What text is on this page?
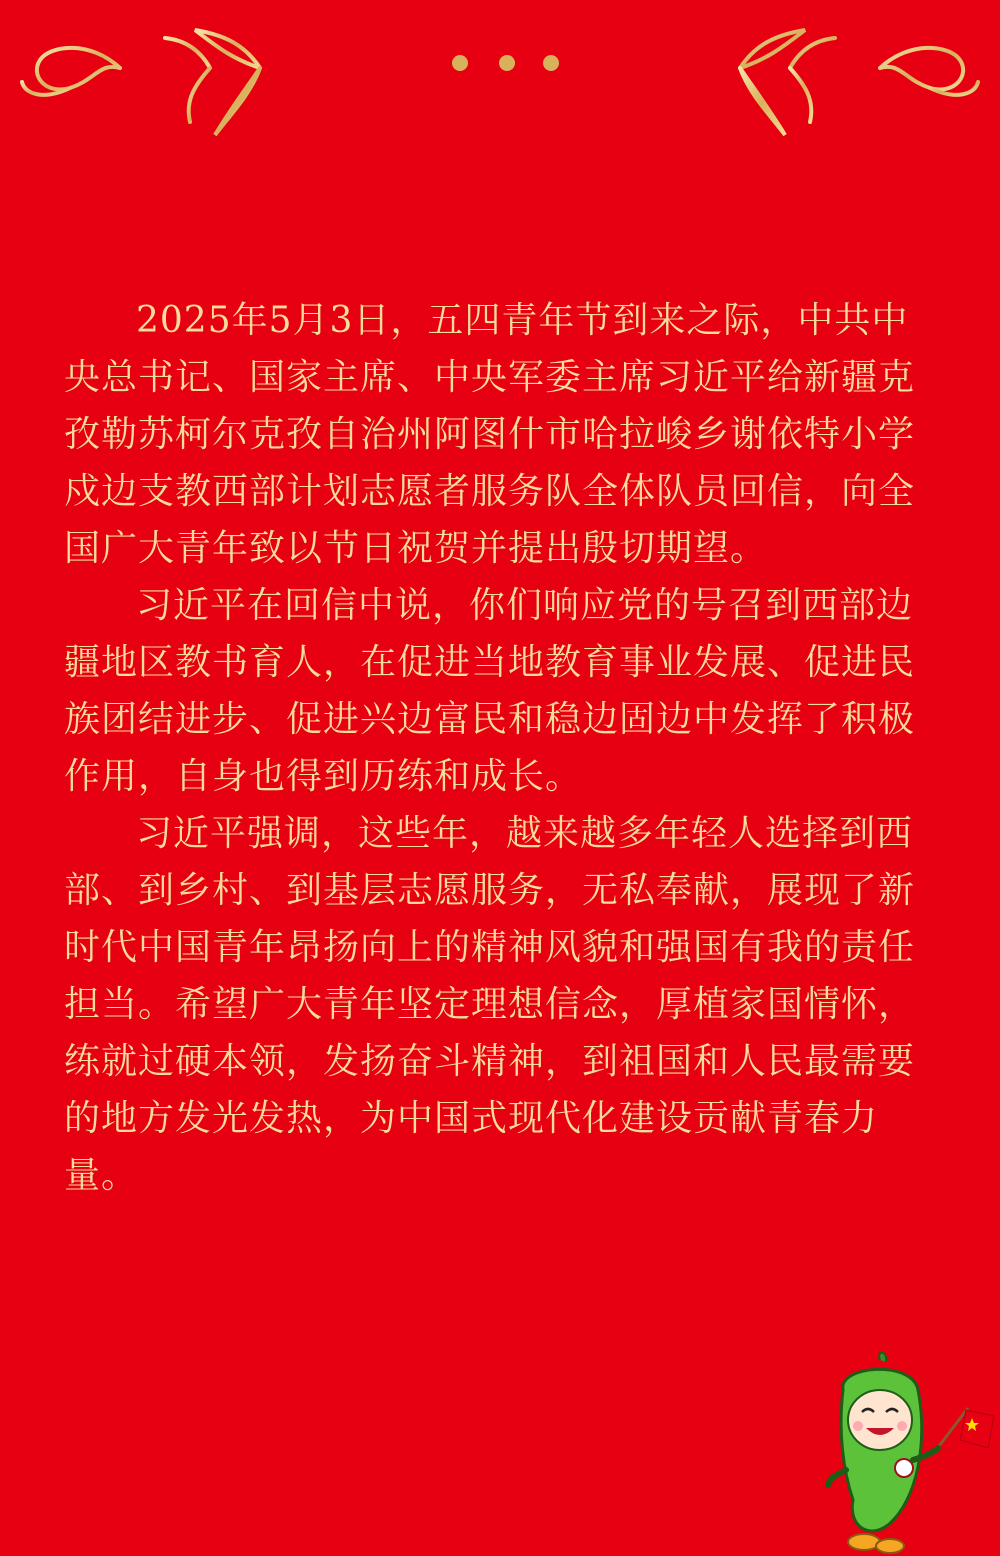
2025年5月3日，五四青年节到来之际，中共中央总书记、国家主席、中央军委主席习近平给新疆克孜勒苏柯尔克孜自治州阿图什市哈拉峻乡谢依特小学戍边支教西部计划志愿者服务队全体队员回信，向全国广大青年致以节日祝贺并提出殷切期望。

习近平在回信中说，你们响应党的号召到西部边疆地区教书育人，在促进当地教育事业发展、促进民族团结进步、促进兴边富民和稳边固边中发挥了积极作用，自身也得到历练和成长。

习近平强调，这些年，越来越多年轻人选择到西部、到乡村、到基层志愿服务，无私奉献，展现了新时代中国青年昂扬向上的精神风貌和强国有我的责任担当。希望广大青年坚定理想信念，厚植家国情怀，练就过硬本领，发扬奋斗精神，到祖国和人民最需要的地方发光发热，为中国式现代化建设贡献青春力量。
